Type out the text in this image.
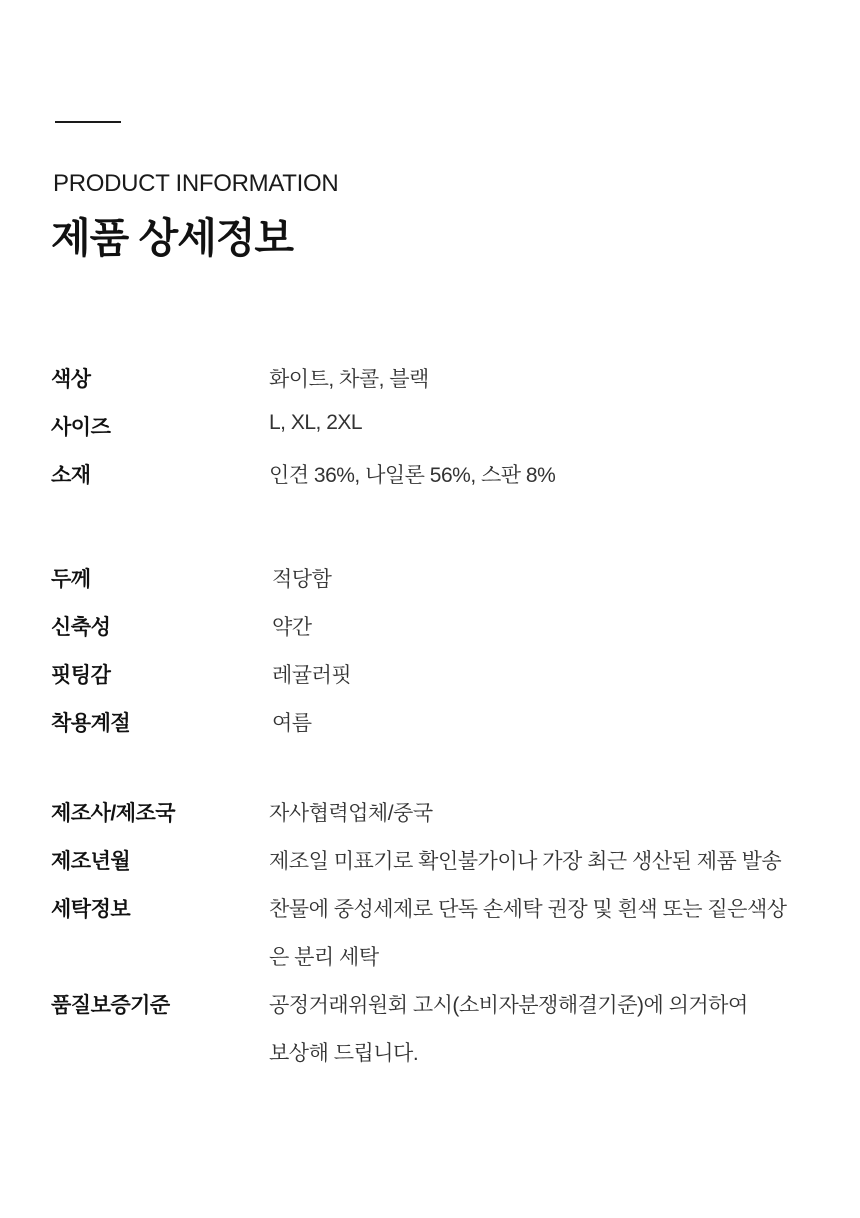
PRODUCT INFORMATION
제품 상세정보
색상	화이트, 차콜, 블랙
사이즈	L, XL, 2XL
소재	인견 36%, 나일론 56%, 스판 8%
두께	적당함
신축성	약간
핏팅감	레귤러핏
착용계절	여름
제조사/제조국	자사협력업체/중국
제조년월	제조일 미표기로 확인불가이나 가장 최근 생산된 제품 발송
세탁정보	찬물에 중성세제로 단독 손세탁 권장 및 흰색 또는 짙은색상
은 분리 세탁
품질보증기준	공정거래위원회 고시(소비자분쟁해결기준)에 의거하여
보상해 드립니다.
